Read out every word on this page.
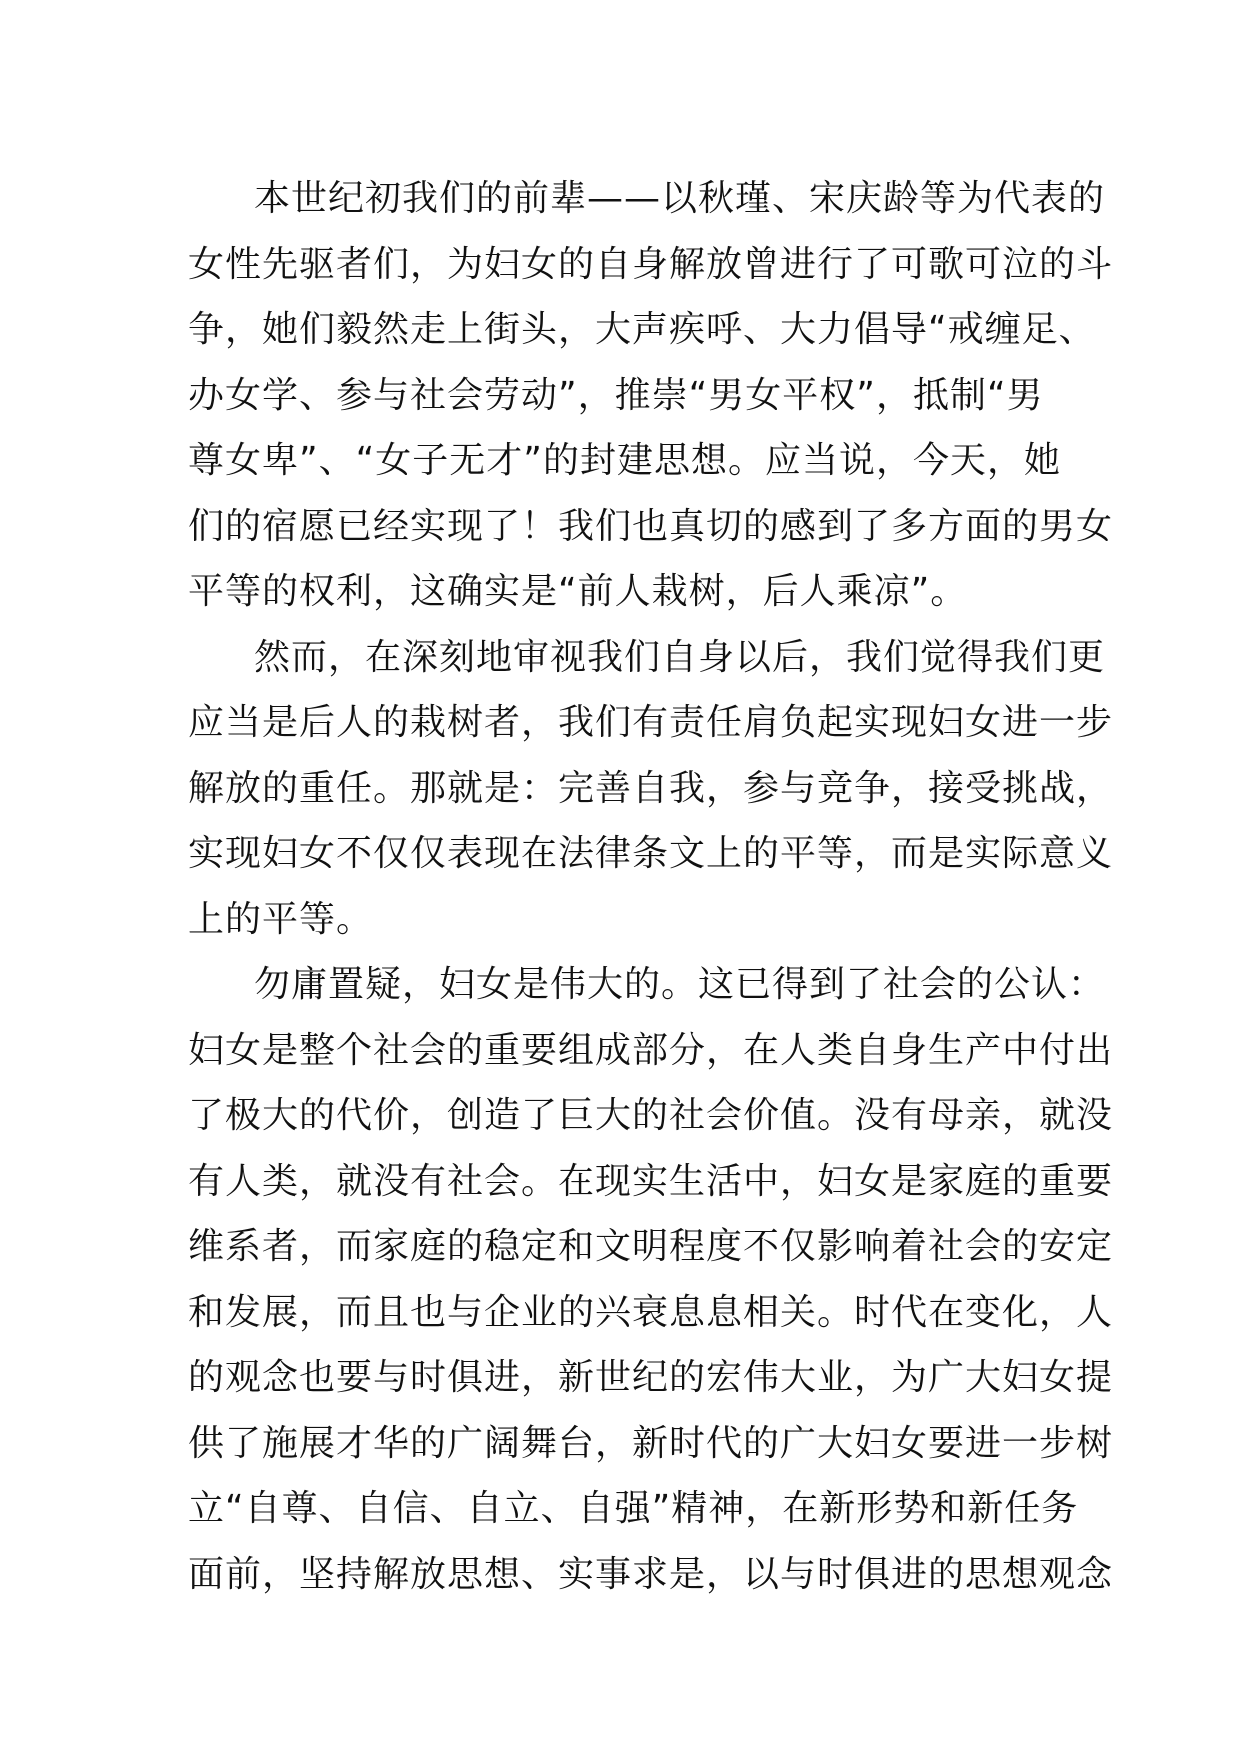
本世纪初我们的前辈——以秋瑾、宋庆龄等为代表的
女性先驱者们，为妇女的自身解放曾进行了可歌可泣的斗
争，她们毅然走上街头，大声疾呼、大力倡导“戒缠足、
办女学、参与社会劳动”，推崇“男女平权”，抵制“男
尊女卑”、“女子无才”的封建思想。应当说，今天，她
们的宿愿已经实现了！我们也真切的感到了多方面的男女
平等的权利，这确实是“前人栽树，后人乘凉”。
然而，在深刻地审视我们自身以后，我们觉得我们更
应当是后人的栽树者，我们有责任肩负起实现妇女进一步
解放的重任。那就是：完善自我，参与竞争，接受挑战，
实现妇女不仅仅表现在法律条文上的平等，而是实际意义
上的平等。
勿庸置疑，妇女是伟大的。这已得到了社会的公认：
妇女是整个社会的重要组成部分，在人类自身生产中付出
了极大的代价，创造了巨大的社会价值。没有母亲，就没
有人类，就没有社会。在现实生活中，妇女是家庭的重要
维系者，而家庭的稳定和文明程度不仅影响着社会的安定
和发展，而且也与企业的兴衰息息相关。时代在变化，人
的观念也要与时俱进，新世纪的宏伟大业，为广大妇女提
供了施展才华的广阔舞台，新时代的广大妇女要进一步树
立“自尊、自信、自立、自强”精神，在新形势和新任务
面前，坚持解放思想、实事求是，以与时俱进的思想观念
